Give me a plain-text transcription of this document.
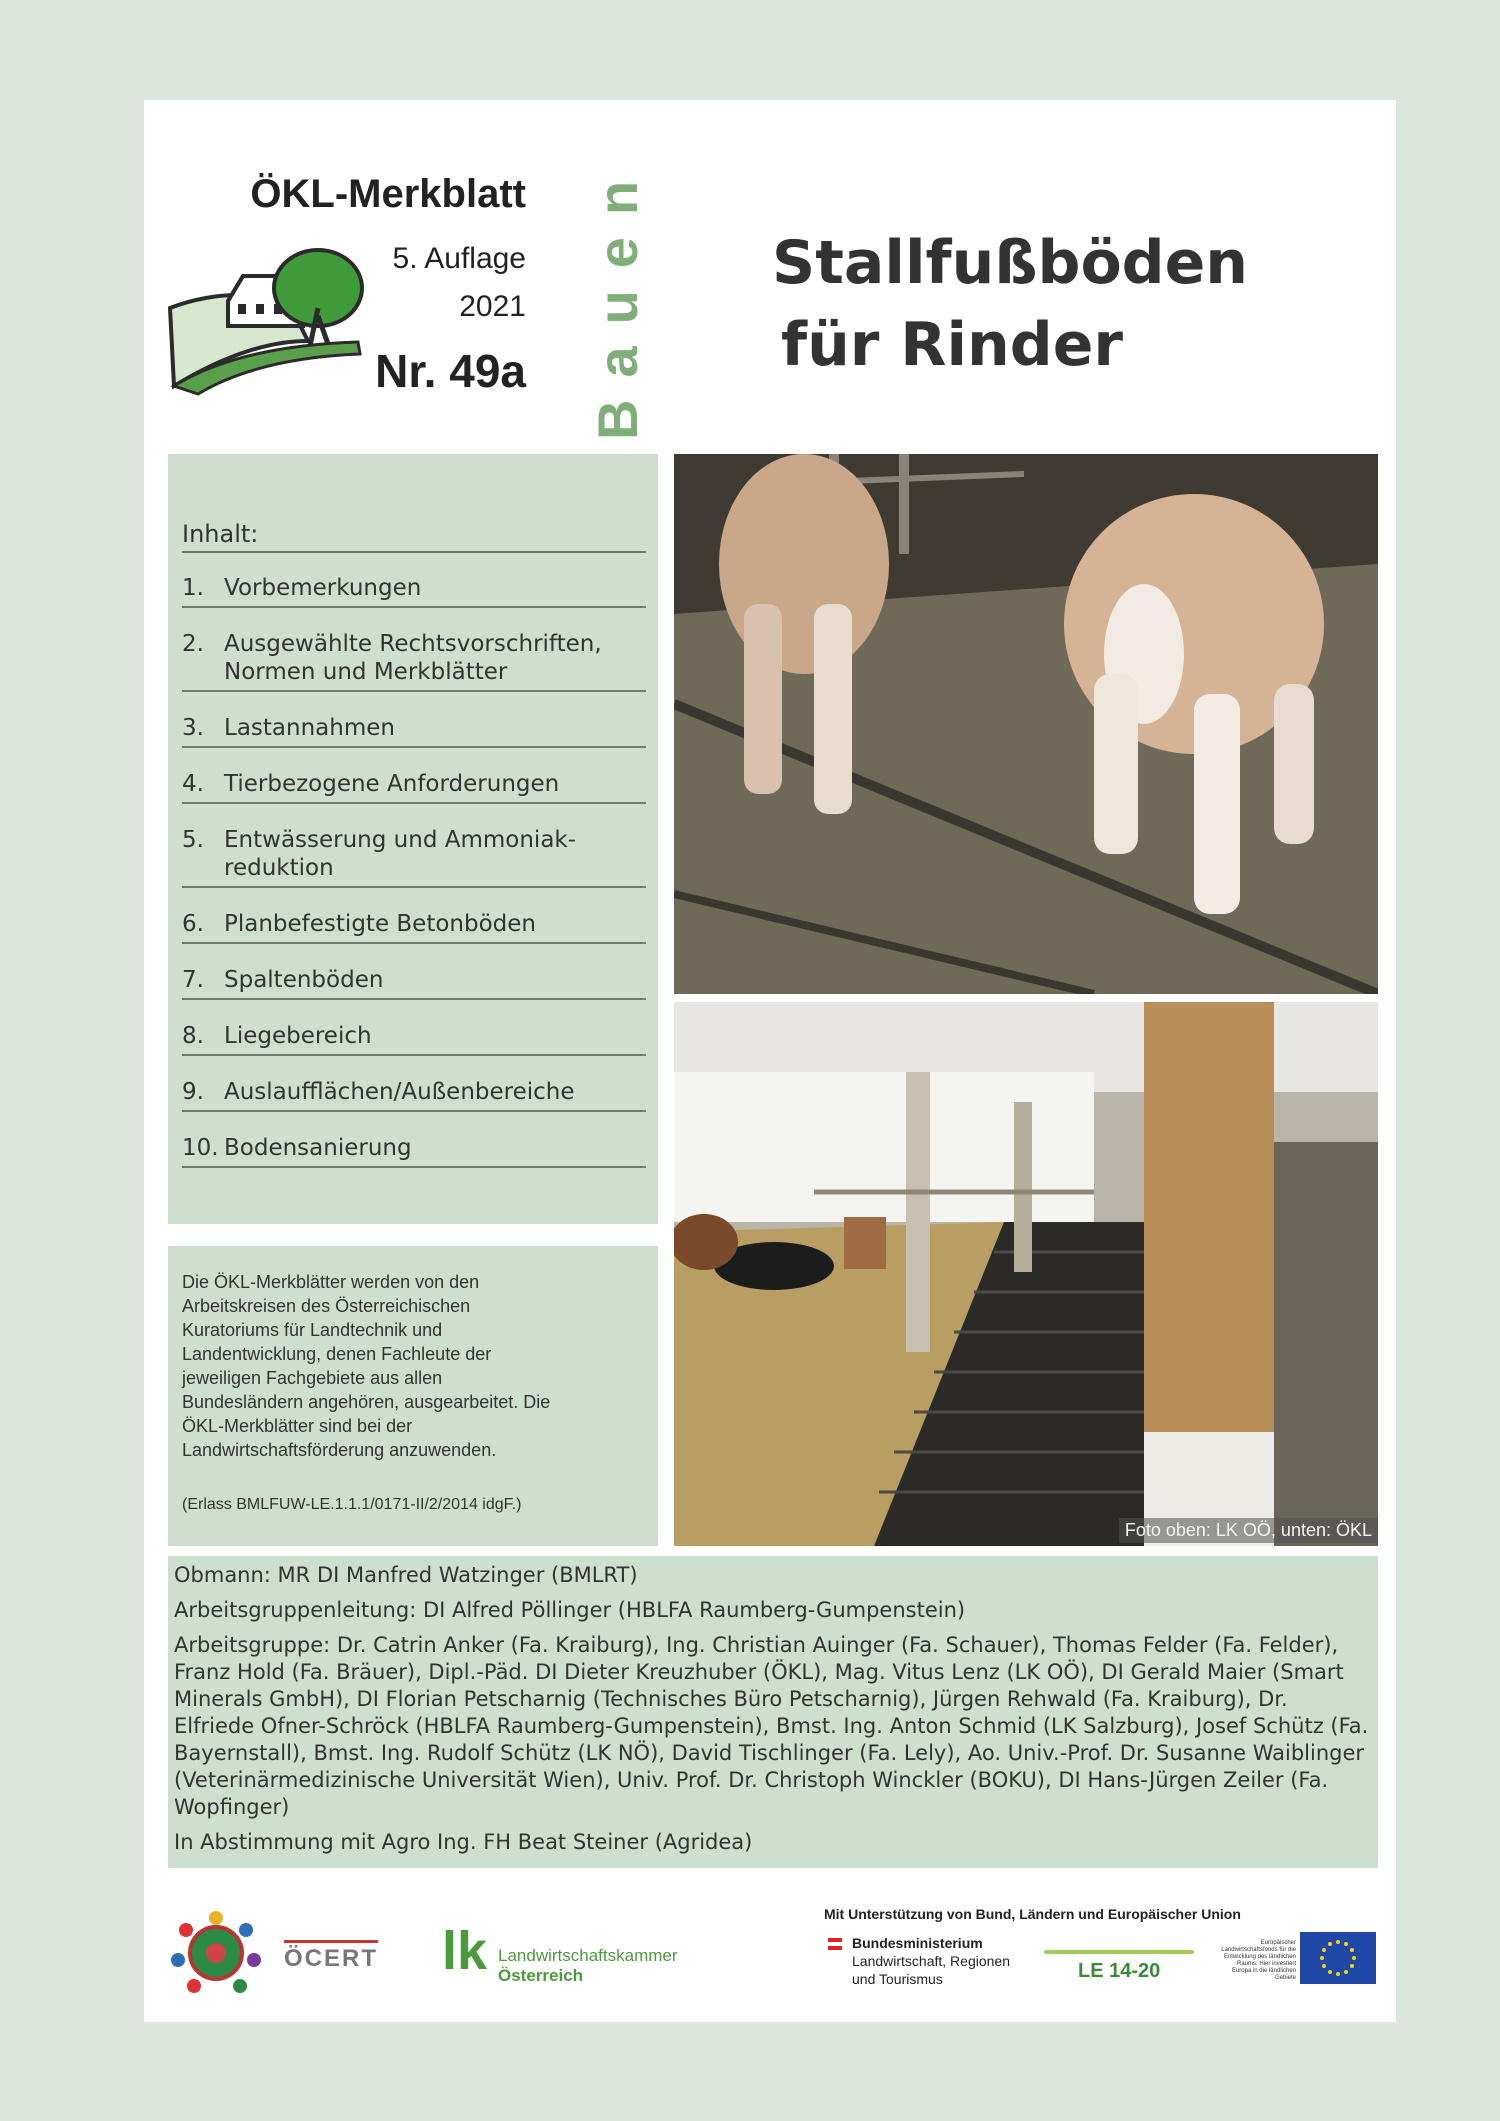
ÖKL-Merkblatt
5. Auflage
2021
Nr. 49a Bauen Stallfußböden
für Rinder
Inhalt:
1. Vorbemerkungen
2. Ausgewählte Rechtsvorschriften, Normen und Merkblätter
3. Lastannahmen
4. Tierbezogene Anforderungen
5. Entwässerung und Ammoniak-reduktion
6. Planbefestigte Betonböden
7. Spaltenböden
8. Liegebereich
9. Auslaufflächen/Außenbereiche
10. Bodensanierung
Die ÖKL-Merkblätter werden von den Arbeitskreisen des Österreichischen Kuratoriums für Landtechnik und Landentwicklung, denen Fachleute der jeweiligen Fachgebiete aus allen Bundesländern angehören, ausgearbeitet. Die ÖKL-Merkblätter sind bei der Landwirtschaftsförderung anzuwenden.
(Erlass BMLFUW-LE.1.1.1/0171-II/2/2014 idgF.)
Foto oben: LK OÖ, unten: ÖKL

Obmann: MR DI Manfred Watzinger (BMLRT)

Arbeitsgruppenleitung: DI Alfred Pöllinger (HBLFA Raumberg-Gumpenstein)

Arbeitsgruppe: Dr. Catrin Anker (Fa. Kraiburg), Ing. Christian Auinger (Fa. Schauer), Thomas Felder (Fa. Felder), Franz Hold (Fa. Bräuer), Dipl.-Päd. DI Dieter Kreuzhuber (ÖKL), Mag. Vitus Lenz (LK OÖ), DI Gerald Maier (Smart Minerals GmbH), DI Florian Petscharnig (Technisches Büro Petscharnig), Jürgen Rehwald (Fa. Kraiburg), Dr. Elfriede Ofner-Schröck (HBLFA Raumberg-Gumpenstein), Bmst. Ing. Anton Schmid (LK Salzburg), Josef Schütz (Fa. Bayernstall), Bmst. Ing. Rudolf Schütz (LK NÖ), David Tischlinger (Fa. Lely), Ao. Univ.-Prof. Dr. Susanne Waiblinger (Veterinärmedizinische Universität Wien), Univ. Prof. Dr. Christoph Winckler (BOKU), DI Hans-Jürgen Zeiler (Fa. Wopfinger)

In Abstimmung mit Agro Ing. FH Beat Steiner (Agridea)

ÖCERT lk Landwirtschaftskammer
Österreich
Mit Unterstützung von Bund, Ländern und Europäischer Union
Bundesministerium
Landwirtschaft, Regionen
und Tourismus	LE 14-20
Europäischer Landwirtschaftsfonds für die Entwicklung des ländlichen Raums: Hier investiert Europa in die ländlichen Gebiete
